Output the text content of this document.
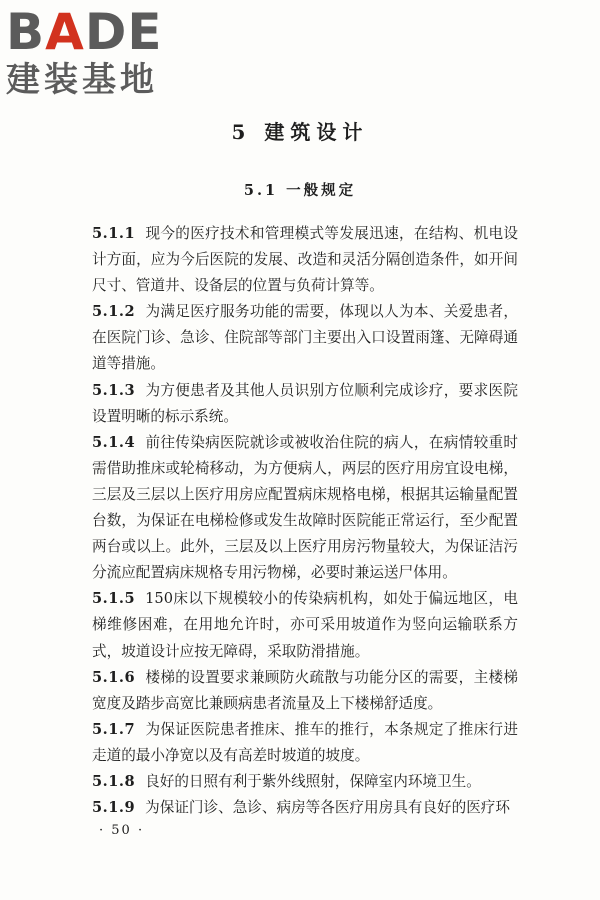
BADE
建装基地
5 建筑设计
5.1 一般规定

5.1.1 现今的医疗技术和管理模式等发展迅速，在结构、机电设计方面，应为今后医院的发展、改造和灵活分隔创造条件，如开间尺寸、管道井、设备层的位置与负荷计算等。

5.1.2 为满足医疗服务功能的需要，体现以人为本、关爱患者，在医院门诊、急诊、住院部等部门主要出入口设置雨篷、无障碍通道等措施。

5.1.3 为方便患者及其他人员识别方位顺利完成诊疗，要求医院设置明晰的标示系统。

5.1.4 前往传染病医院就诊或被收治住院的病人，在病情较重时需借助推床或轮椅移动，为方便病人，两层的医疗用房宜设电梯，三层及三层以上医疗用房应配置病床规格电梯，根据其运输量配置台数，为保证在电梯检修或发生故障时医院能正常运行，至少配置两台或以上。此外，三层及以上医疗用房污物量较大，为保证洁污分流应配置病床规格专用污物梯，必要时兼运送尸体用。

5.1.5 150床以下规模较小的传染病机构，如处于偏远地区，电梯维修困难，在用地允许时，亦可采用坡道作为竖向运输联系方式，坡道设计应按无障碍，采取防滑措施。

5.1.6 楼梯的设置要求兼顾防火疏散与功能分区的需要，主楼梯宽度及踏步高宽比兼顾病患者流量及上下楼梯舒适度。

5.1.7 为保证医院患者推床、推车的推行，本条规定了推床行进走道的最小净宽以及有高差时坡道的坡度。

5.1.8 良好的日照有利于紫外线照射，保障室内环境卫生。

5.1.9 为保证门诊、急诊、病房等各医疗用房具有良好的医疗环

· 50 ·
